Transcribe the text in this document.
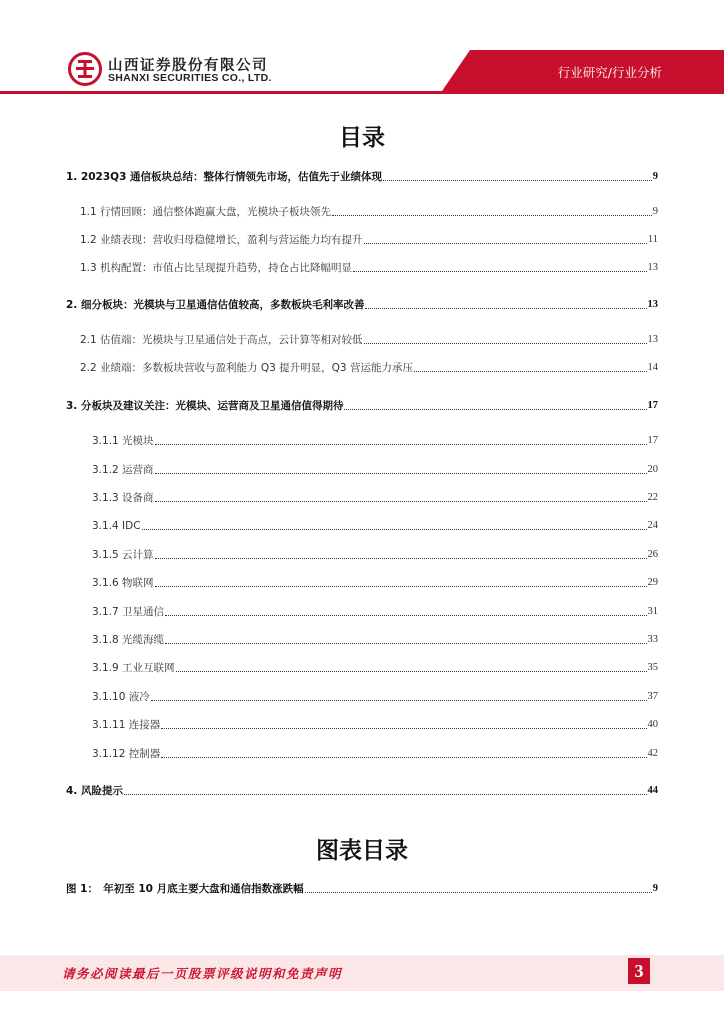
山西证券股份有限公司
SHANXI SECURITIES CO., LTD.	行业研究/行业分析
目录
1. 2023Q3 通信板块总结：整体行情领先市场，估值先于业绩体现	9
1.1 行情回顾：通信整体跑赢大盘，光模块子板块领先	9
1.2 业绩表现：营收归母稳健增长，盈利与营运能力均有提升	11
1.3 机构配置：市值占比呈现提升趋势，持仓占比降幅明显	13
2. 细分板块：光模块与卫星通信估值较高，多数板块毛利率改善	13
2.1 估值端：光模块与卫星通信处于高点，云计算等相对较低	13
2.2 业绩端：多数板块营收与盈利能力 Q3 提升明显，Q3 营运能力承压	14
3. 分板块及建议关注：光模块、运营商及卫星通信值得期待	17
3.1.1 光模块	17
3.1.2 运营商	20
3.1.3 设备商	22
3.1.4 IDC	24
3.1.5 云计算	26
3.1.6 物联网	29
3.1.7 卫星通信	31
3.1.8 光缆海缆	33
3.1.9 工业互联网	35
3.1.10 液冷	37
3.1.11 连接器	40
3.1.12 控制器	42
4. 风险提示	44
图表目录
图 1：　年初至 10 月底主要大盘和通信指数涨跌幅	9
请务必阅读最后一页股票评级说明和免责声明	3
